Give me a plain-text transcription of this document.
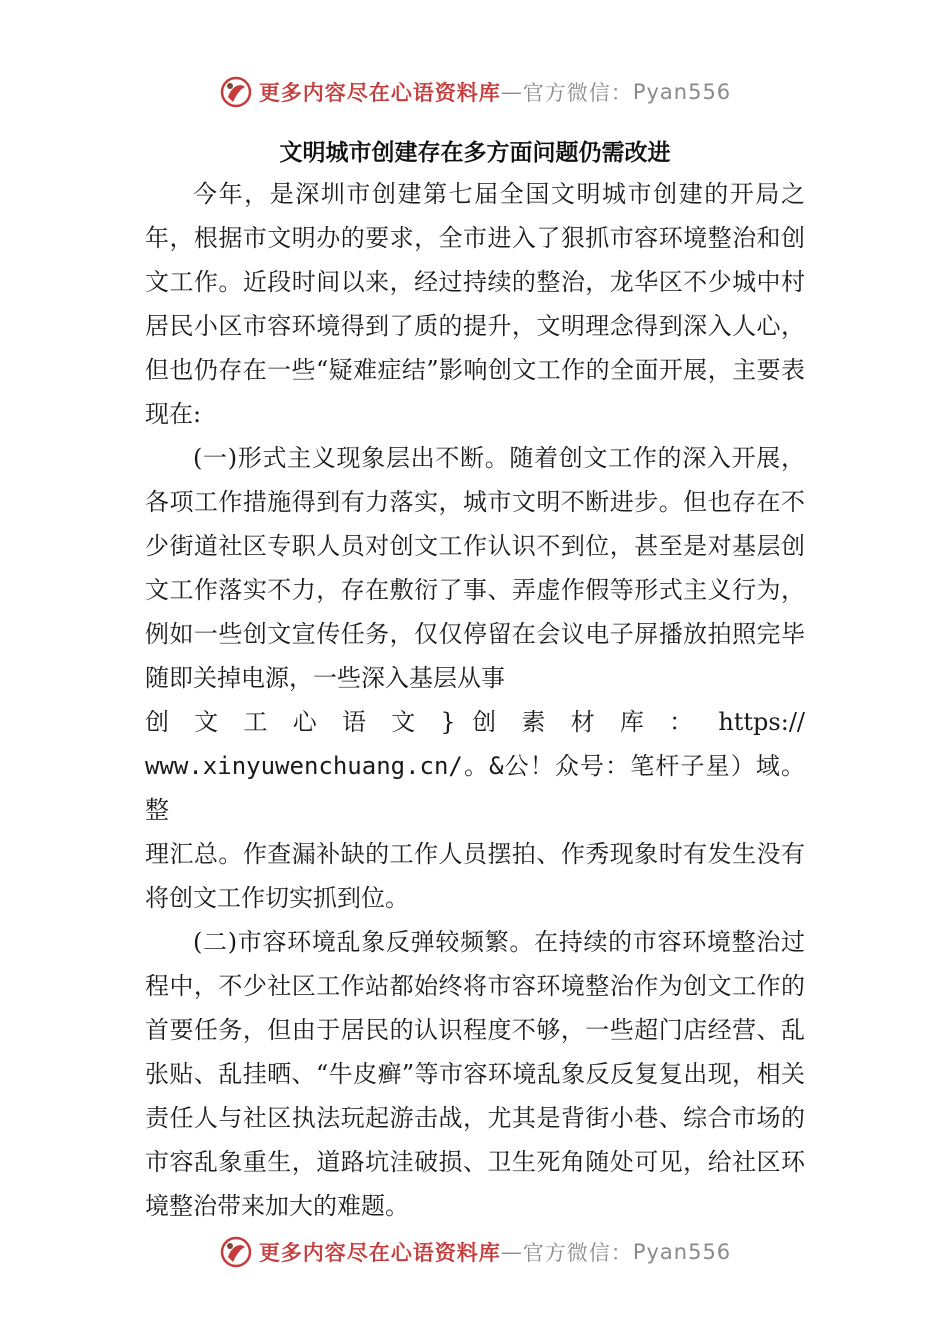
更多内容尽在心语资料库 — 官方微信： Pyan556
文明城市创建存在多方面问题仍需改进

今年，是深圳市创建第七届全国文明城市创建的开局之年，根据市文明办的要求，全市进入了狠抓市容环境整治和创文工作。近段时间以来，经过持续的整治，龙华区不少城中村居民小区市容环境得到了质的提升，文明理念得到深入人心，但也仍存在一些“疑难症结”影响创文工作的全面开展，主要表现在:

(一)形式主义现象层出不断。随着创文工作的深入开展，各项工作措施得到有力落实，城市文明不断进步。但也存在不少街道社区专职人员对创文工作认识不到位，甚至是对基层创文工作落实不力，存在敷衍了事、弄虚作假等形式主义行为，例如一些创文宣传任务，仅仅停留在会议电子屏播放拍照完毕随即关掉电源，一些深入基层从事

创 文 工 心 语 文 } 创 素 材 库 ： https://

www.xinyuwenchuang.cn/。&公！众号：笔杆子星）域。整

理汇总。作查漏补缺的工作人员摆拍、作秀现象时有发生没有将创文工作切实抓到位。

(二)市容环境乱象反弹较频繁。在持续的市容环境整治过程中，不少社区工作站都始终将市容环境整治作为创文工作的首要任务，但由于居民的认识程度不够，一些超门店经营、乱张贴、乱挂晒、“牛皮癣”等市容环境乱象反反复复出现，相关责任人与社区执法玩起游击战，尤其是背街小巷、综合市场的市容乱象重生，道路坑洼破损、卫生死角随处可见，给社区环境整治带来加大的难题。

更多内容尽在心语资料库 — 官方微信： Pyan556
